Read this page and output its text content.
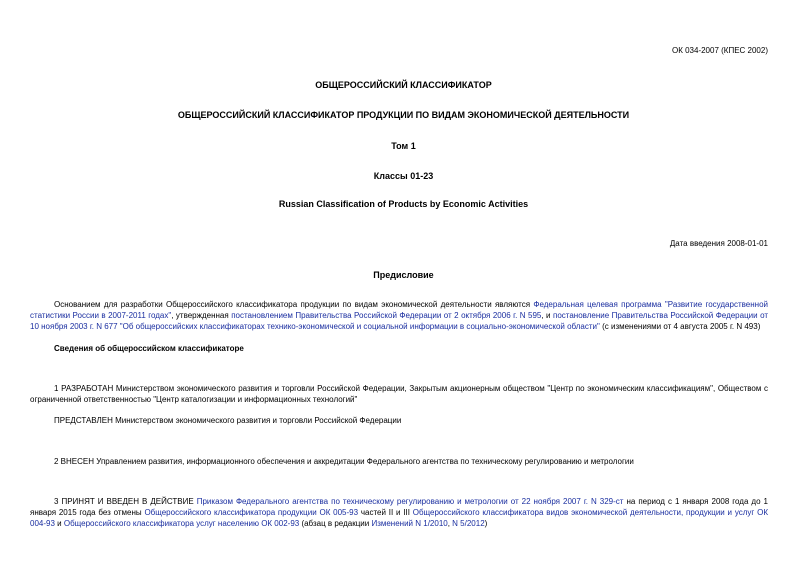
ОК 034-2007 (КПЕС 2002)
ОБЩЕРОССИЙСКИЙ КЛАССИФИКАТОР
ОБЩЕРОССИЙСКИЙ КЛАССИФИКАТОР ПРОДУКЦИИ ПО ВИДАМ ЭКОНОМИЧЕСКОЙ ДЕЯТЕЛЬНОСТИ
Том 1
Классы 01-23
Russian Classification of Products by Economic Activities
Дата введения 2008-01-01
Предисловие
Основанием для разработки Общероссийского классификатора продукции по видам экономической деятельности являются Федеральная целевая программа "Развитие государственной статистики России в 2007-2011 годах", утвержденная постановлением Правительства Российской Федерации от 2 октября 2006 г. N 595, и постановление Правительства Российской Федерации от 10 ноября 2003 г. N 677 "Об общероссийских классификаторах технико-экономической и социальной информации в социально-экономической области" (с изменениями от 4 августа 2005 г. N 493)
Сведения об общероссийском классификаторе
1 РАЗРАБОТАН Министерством экономического развития и торговли Российской Федерации, Закрытым акционерным обществом "Центр по экономическим классификациям", Обществом с ограниченной ответственностью "Центр каталогизации и информационных технологий"
ПРЕДСТАВЛЕН Министерством экономического развития и торговли Российской Федерации
2 ВНЕСЕН Управлением развития, информационного обеспечения и аккредитации Федерального агентства по техническому регулированию и метрологии
3 ПРИНЯТ И ВВЕДЕН В ДЕЙСТВИЕ Приказом Федерального агентства по техническому регулированию и метрологии от 22 ноября 2007 г. N 329-ст на период с 1 января 2008 года до 1 января 2015 года без отмены Общероссийского классификатора продукции ОК 005-93 частей II и III Общероссийского классификатора видов экономической деятельности, продукции и услуг ОК 004-93 и Общероссийского классификатора услуг населению ОК 002-93 (абзац в редакции Изменений N 1/2010, N 5/2012)
